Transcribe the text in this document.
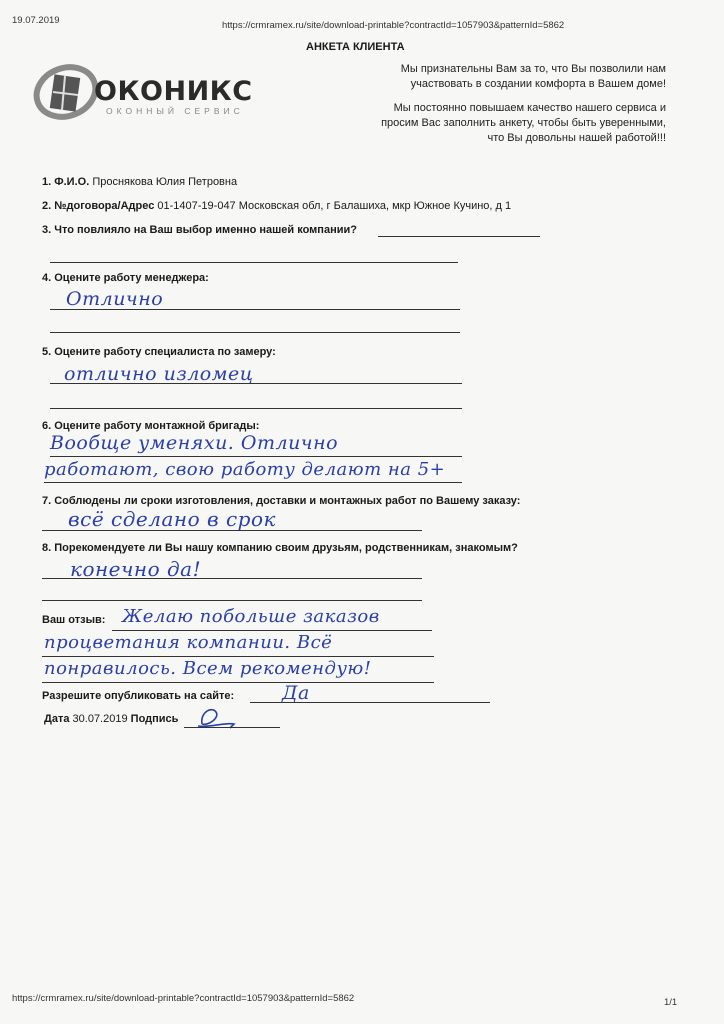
19.07.2019	https://crmramex.ru/site/download-printable?contractId=1057903&patternId=5862
АНКЕТА КЛИЕНТА
ОКОНИКС
ОКОННЫЙ СЕРВИС
Мы признательны Вам за то, что Вы позволили нам
участвовать в создании комфорта в Вашем доме!
Мы постоянно повышаем качество нашего сервиса и
просим Вас заполнить анкету, чтобы быть уверенными,
что Вы довольны нашей работой!!!
1. Ф.И.О. Проснякова Юлия Петровна
2. №договора/Адрес 01-1407-19-047 Московская обл, г Балашиха, мкр Южное Кучино, д 1
3. Что повлияло на Ваш выбор именно нашей компании?
4. Оцените работу менеджера:
Отлично
5. Оцените работу специалиста по замеру:
отлично изломец
6. Оцените работу монтажной бригады:
Вообще уменяхи. Отлично
работают, свою работу делают на 5+
7. Соблюдены ли сроки изготовления, доставки и монтажных работ по Вашему заказу:
всё сделано в срок
8. Порекомендуете ли Вы нашу компанию своим друзьям, родственникам, знакомым?
конечно да!
Ваш отзыв: Желаю побольше заказов
процветания компании. Всё
понравилось. Всем рекомендую!
Разрешите опубликовать на сайте:	Да
Дата 30.07.2019 Подпись
https://crmramex.ru/site/download-printable?contractId=1057903&patternId=5862	1/1
